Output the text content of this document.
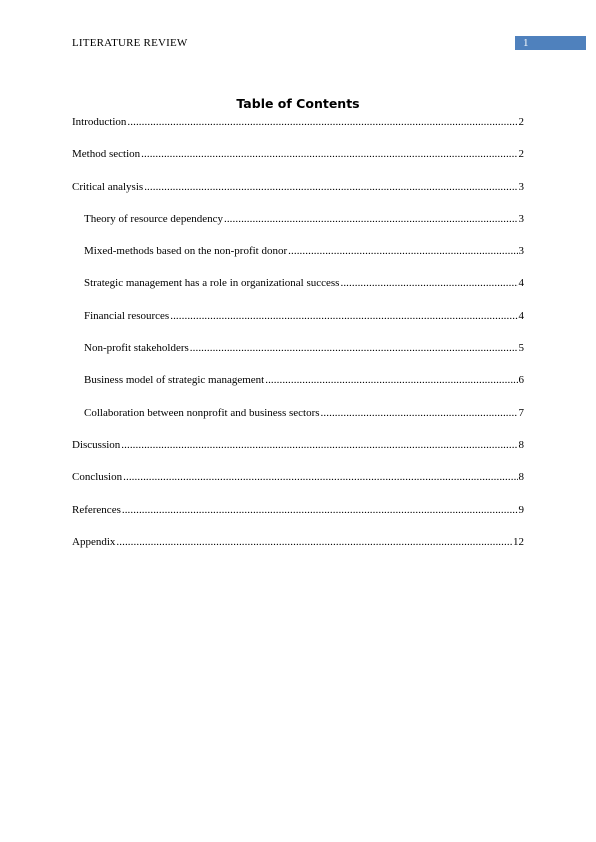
LITERATURE REVIEW	1
Table of Contents
Introduction .....	2
Method section .....	2
Critical analysis .....	3
Theory of resource dependency .....	3
Mixed-methods based on the non-profit donor .....	3
Strategic management has a role in organizational success .....	4
Financial resources .....	4
Non-profit stakeholders .....	5
Business model of strategic management .....	6
Collaboration between nonprofit and business sectors .....	7
Discussion .....	8
Conclusion .....	8
References .....	9
Appendix .....	12
